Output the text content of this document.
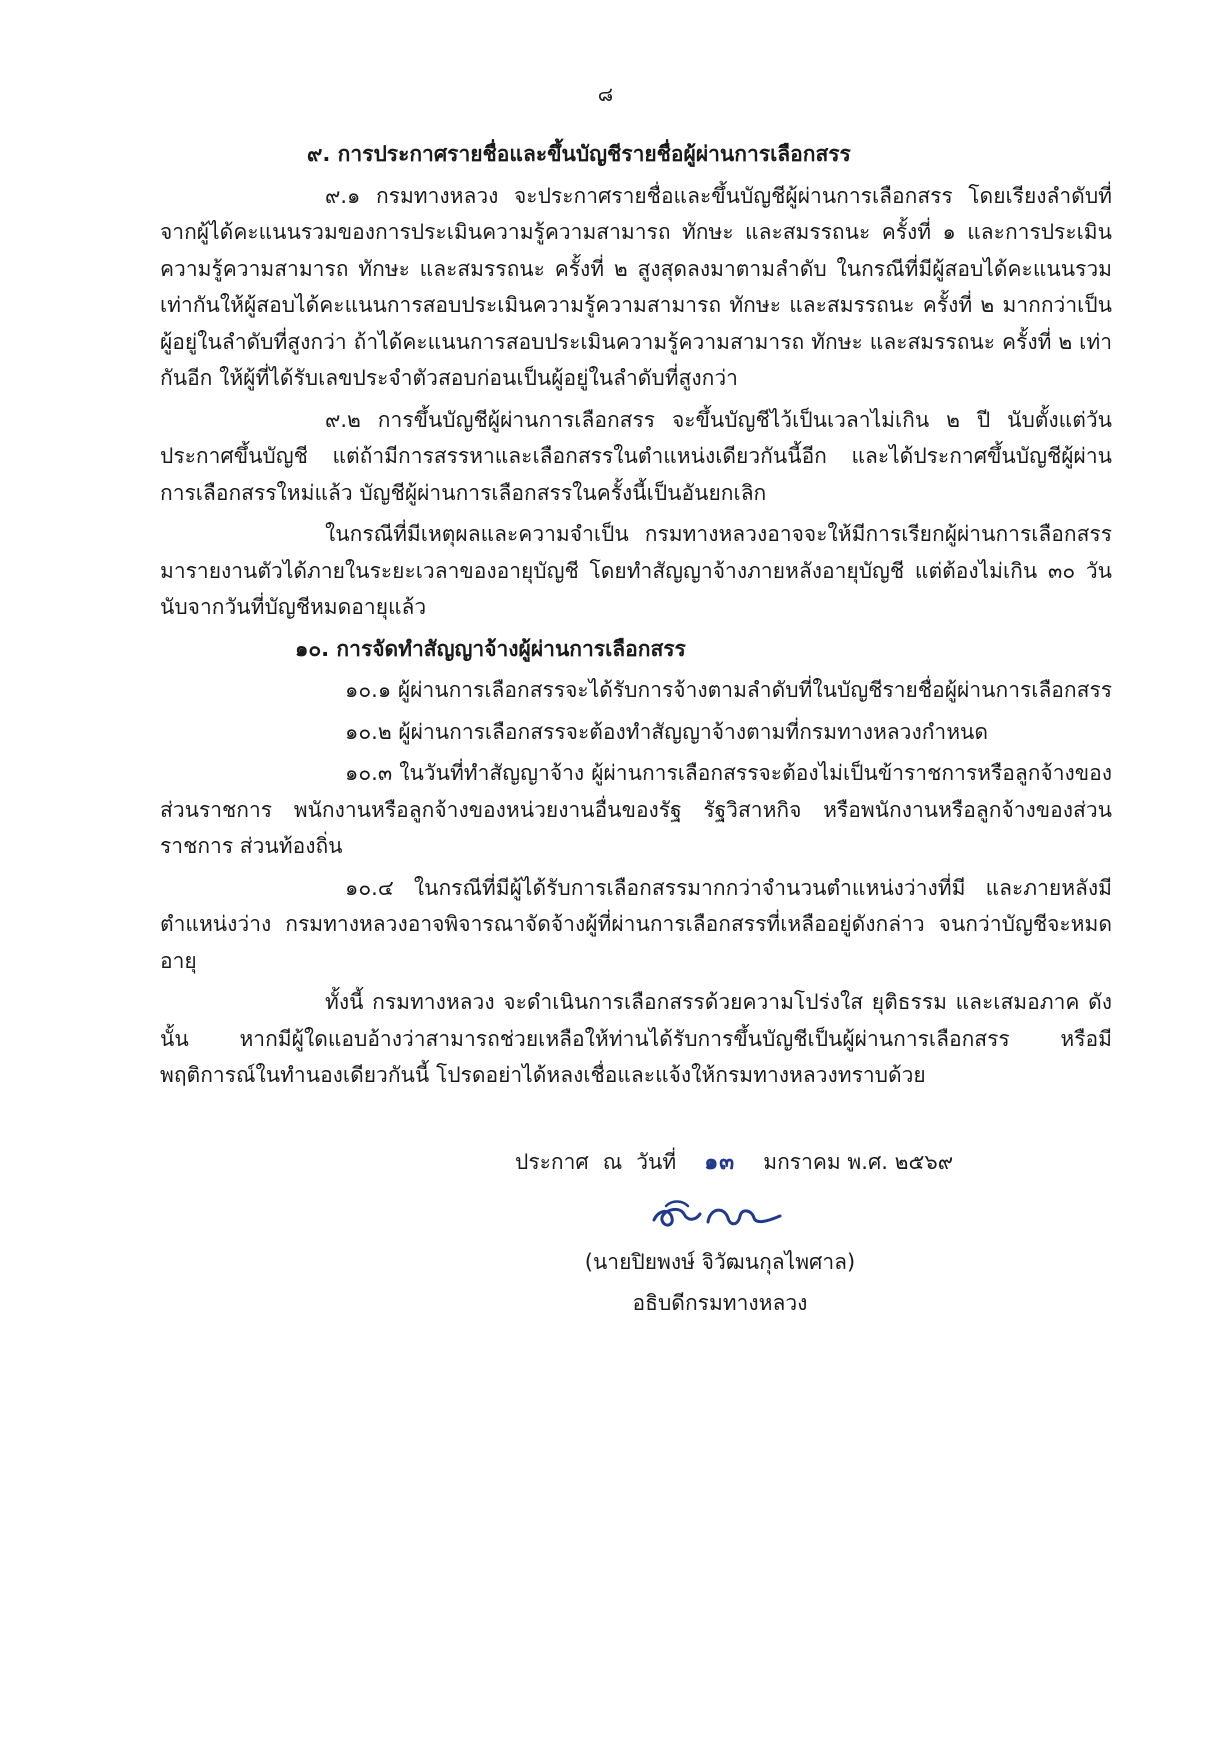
๘
๙. การประกาศรายชื่อและขึ้นบัญชีรายชื่อผู้ผ่านการเลือกสรร

๙.๑ กรมทางหลวง จะประกาศรายชื่อและขึ้นบัญชีผู้ผ่านการเลือกสรร โดยเรียงลำดับที่จากผู้ได้คะแนนรวมของการประเมินความรู้ความสามารถ ทักษะ และสมรรถนะ ครั้งที่ ๑ และการประเมินความรู้ความสามารถ ทักษะ และสมรรถนะ ครั้งที่ ๒ สูงสุดลงมาตามลำดับ ในกรณีที่มีผู้สอบได้คะแนนรวมเท่ากันให้ผู้สอบได้คะแนนการสอบประเมินความรู้ความสามารถ ทักษะ และสมรรถนะ ครั้งที่ ๒ มากกว่าเป็นผู้อยู่ในลำดับที่สูงกว่า ถ้าได้คะแนนการสอบประเมินความรู้ความสามารถ ทักษะ และสมรรถนะ ครั้งที่ ๒ เท่ากันอีก ให้ผู้ที่ได้รับเลขประจำตัวสอบก่อนเป็นผู้อยู่ในลำดับที่สูงกว่า

๙.๒ การขึ้นบัญชีผู้ผ่านการเลือกสรร จะขึ้นบัญชีไว้เป็นเวลาไม่เกิน ๒ ปี นับตั้งแต่วันประกาศขึ้นบัญชี แต่ถ้ามีการสรรหาและเลือกสรรในตำแหน่งเดียวกันนี้อีก และได้ประกาศขึ้นบัญชีผู้ผ่านการเลือกสรรใหม่แล้ว บัญชีผู้ผ่านการเลือกสรรในครั้งนี้เป็นอันยกเลิก

ในกรณีที่มีเหตุผลและความจำเป็น กรมทางหลวงอาจจะให้มีการเรียกผู้ผ่านการเลือกสรรมารายงานตัวได้ภายในระยะเวลาของอายุบัญชี โดยทำสัญญาจ้างภายหลังอายุบัญชี แต่ต้องไม่เกิน ๓๐ วัน นับจากวันที่บัญชีหมดอายุแล้ว

๑๐. การจัดทำสัญญาจ้างผู้ผ่านการเลือกสรร

๑๐.๑ ผู้ผ่านการเลือกสรรจะได้รับการจ้างตามลำดับที่ในบัญชีรายชื่อผู้ผ่านการเลือกสรร

๑๐.๒ ผู้ผ่านการเลือกสรรจะต้องทำสัญญาจ้างตามที่กรมทางหลวงกำหนด

๑๐.๓ ในวันที่ทำสัญญาจ้าง ผู้ผ่านการเลือกสรรจะต้องไม่เป็นข้าราชการหรือลูกจ้างของส่วนราชการ พนักงานหรือลูกจ้างของหน่วยงานอื่นของรัฐ รัฐวิสาหกิจ หรือพนักงานหรือลูกจ้างของส่วนราชการ ส่วนท้องถิ่น

๑๐.๔ ในกรณีที่มีผู้ได้รับการเลือกสรรมากกว่าจำนวนตำแหน่งว่างที่มี และภายหลังมีตำแหน่งว่าง กรมทางหลวงอาจพิจารณาจัดจ้างผู้ที่ผ่านการเลือกสรรที่เหลืออยู่ดังกล่าว จนกว่าบัญชีจะหมดอายุ

ทั้งนี้ กรมทางหลวง จะดำเนินการเลือกสรรด้วยความโปร่งใส ยุติธรรม และเสมอภาค ดังนั้น หากมีผู้ใดแอบอ้างว่าสามารถช่วยเหลือให้ท่านได้รับการขึ้นบัญชีเป็นผู้ผ่านการเลือกสรร หรือมีพฤติการณ์ในทำนองเดียวกันนี้ โปรดอย่าได้หลงเชื่อและแจ้งให้กรมทางหลวงทราบด้วย

ประกาศ ณ วันที่ ๑๓ มกราคม พ.ศ. ๒๕๖๙
(นายปิยพงษ์ จิวัฒนกุลไพศาล)
อธิบดีกรมทางหลวง
